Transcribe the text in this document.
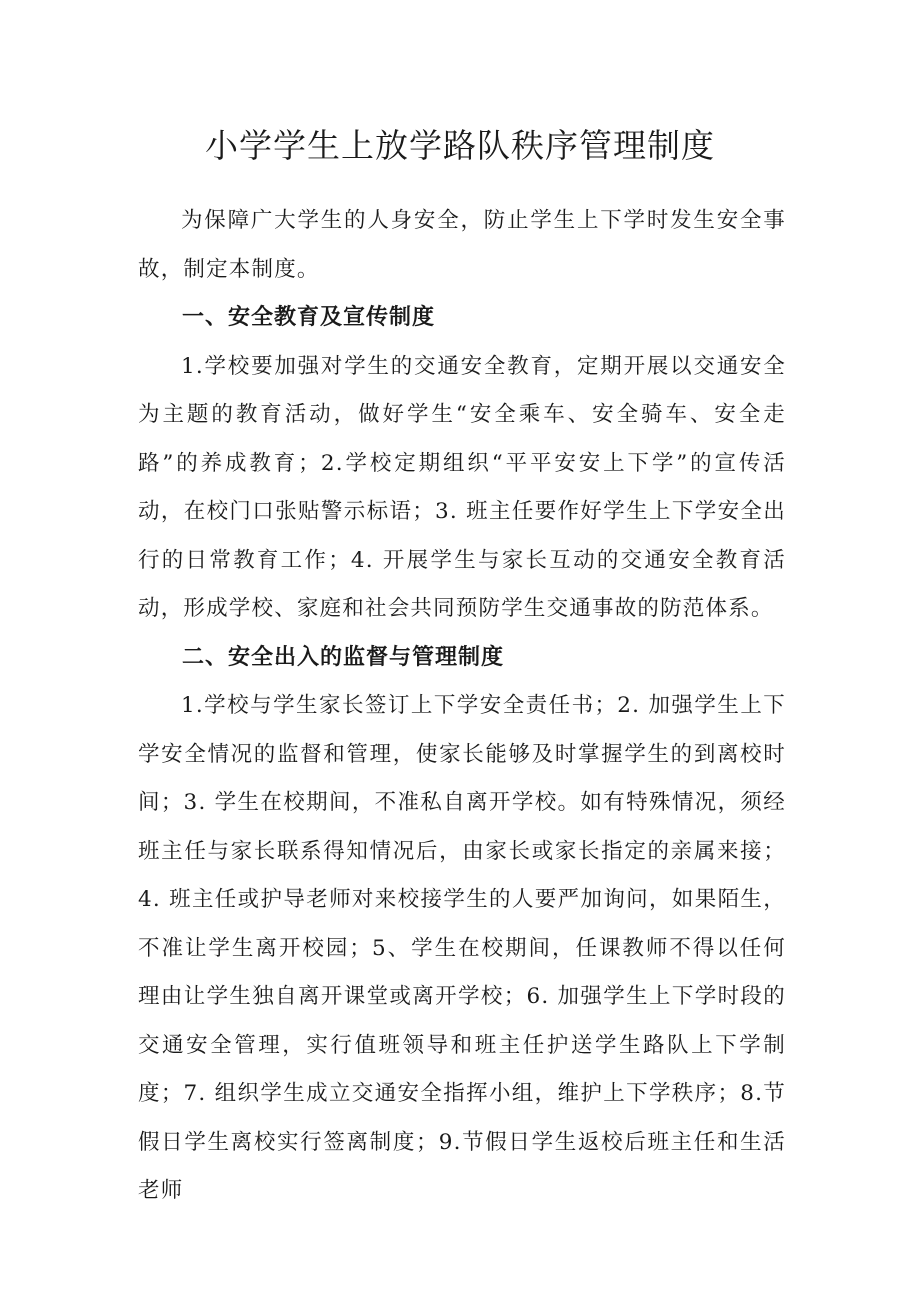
小学学生上放学路队秩序管理制度

为保障广大学生的人身安全，防止学生上下学时发生安全事故，制定本制度。

一、安全教育及宣传制度

1.学校要加强对学生的交通安全教育，定期开展以交通安全为主题的教育活动，做好学生“安全乘车、安全骑车、安全走路”的养成教育；2.学校定期组织“平平安安上下学”的宣传活动，在校门口张贴警示标语；3. 班主任要作好学生上下学安全出行的日常教育工作；4. 开展学生与家长互动的交通安全教育活动，形成学校、家庭和社会共同预防学生交通事故的防范体系。

二、安全出入的监督与管理制度

1.学校与学生家长签订上下学安全责任书；2. 加强学生上下学安全情况的监督和管理，使家长能够及时掌握学生的到离校时间；3. 学生在校期间，不准私自离开学校。如有特殊情况，须经班主任与家长联系得知情况后，由家长或家长指定的亲属来接；4. 班主任或护导老师对来校接学生的人要严加询问，如果陌生，不准让学生离开校园；5、学生在校期间，任课教师不得以任何理由让学生独自离开课堂或离开学校；6. 加强学生上下学时段的交通安全管理，实行值班领导和班主任护送学生路队上下学制度；7. 组织学生成立交通安全指挥小组，维护上下学秩序；8.节假日学生离校实行签离制度；9.节假日学生返校后班主任和生活老师
